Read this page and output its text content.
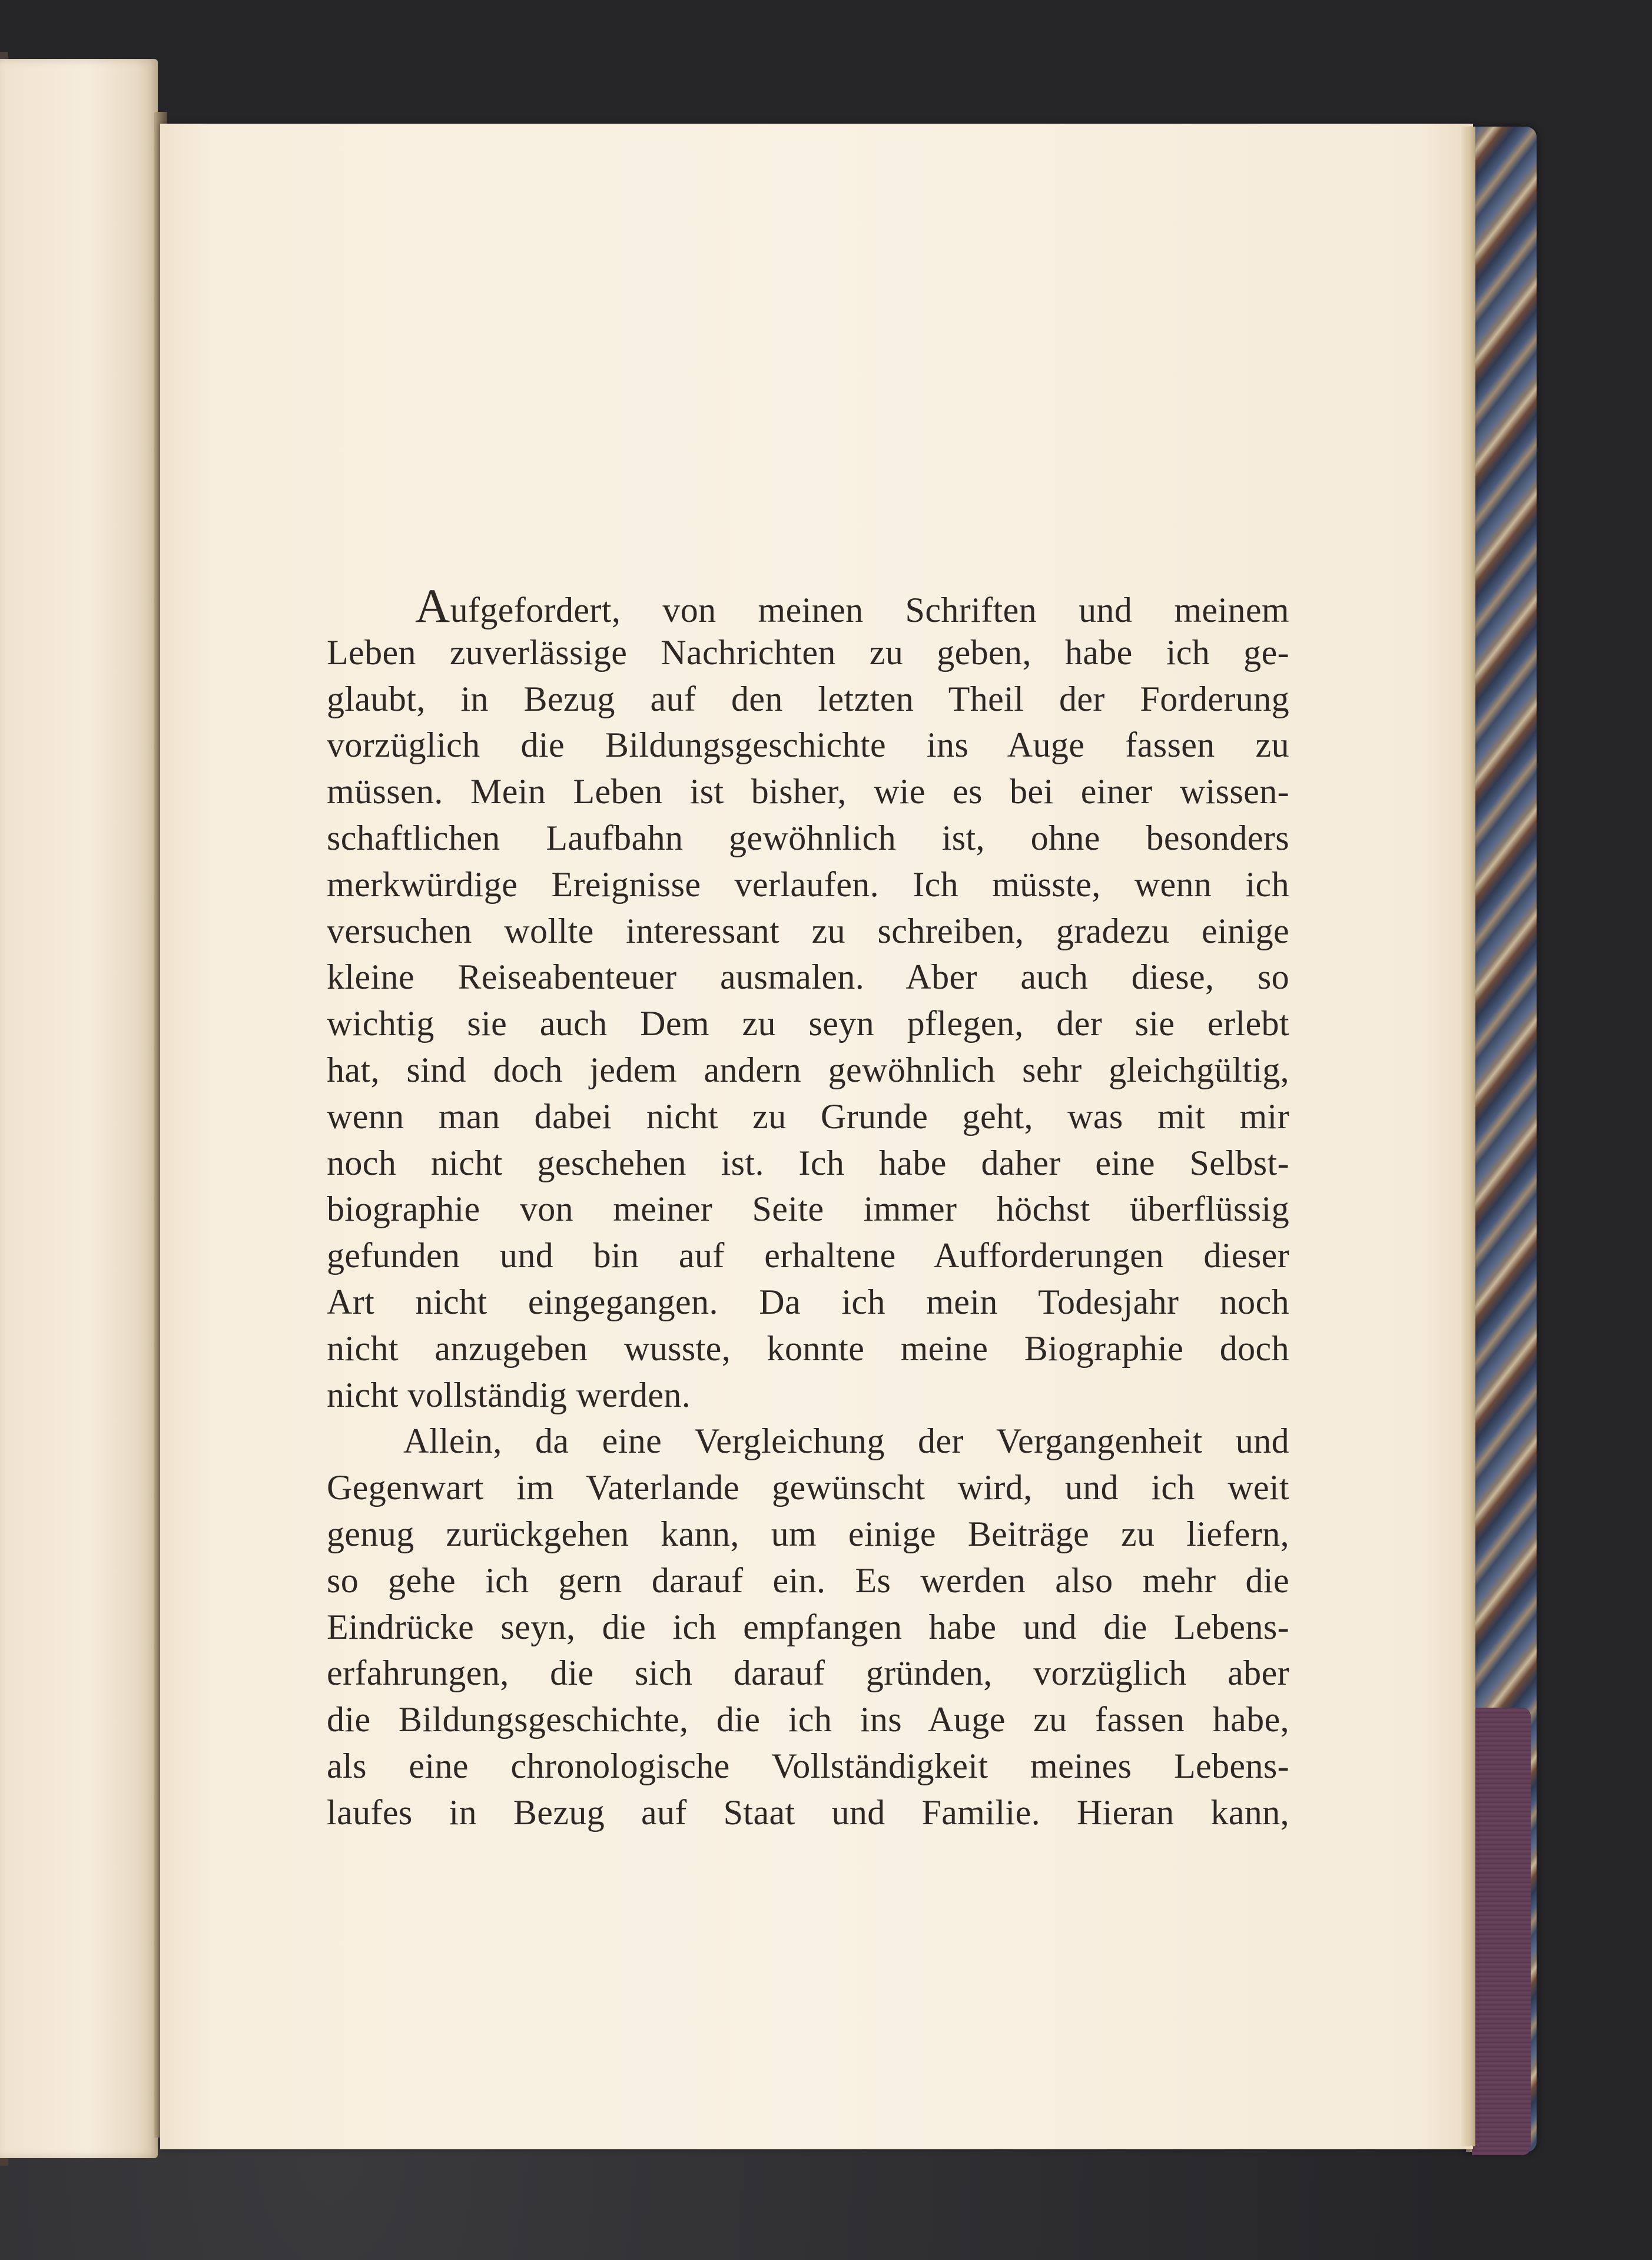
Aufgefordert, von meinen Schriften und meinem
Leben zuverlässige Nachrichten zu geben, habe ich ge-
glaubt, in Bezug auf den letzten Theil der Forderung
vorzüglich die Bildungsgeschichte ins Auge fassen zu
müssen. Mein Leben ist bisher, wie es bei einer wissen-
schaftlichen Laufbahn gewöhnlich ist, ohne besonders
merkwürdige Ereignisse verlaufen. Ich müsste, wenn ich
versuchen wollte interessant zu schreiben, gradezu einige
kleine Reiseabenteuer ausmalen. Aber auch diese, so
wichtig sie auch Dem zu seyn pflegen, der sie erlebt
hat, sind doch jedem andern gewöhnlich sehr gleichgültig,
wenn man dabei nicht zu Grunde geht, was mit mir
noch nicht geschehen ist. Ich habe daher eine Selbst-
biographie von meiner Seite immer höchst überflüssig
gefunden und bin auf erhaltene Aufforderungen dieser
Art nicht eingegangen. Da ich mein Todesjahr noch
nicht anzugeben wusste, konnte meine Biographie doch
nicht vollständig werden.
Allein, da eine Vergleichung der Vergangenheit und
Gegenwart im Vaterlande gewünscht wird, und ich weit
genug zurückgehen kann, um einige Beiträge zu liefern,
so gehe ich gern darauf ein. Es werden also mehr die
Eindrücke seyn, die ich empfangen habe und die Lebens-
erfahrungen, die sich darauf gründen, vorzüglich aber
die Bildungsgeschichte, die ich ins Auge zu fassen habe,
als eine chronologische Vollständigkeit meines Lebens-
laufes in Bezug auf Staat und Familie. Hieran kann,
